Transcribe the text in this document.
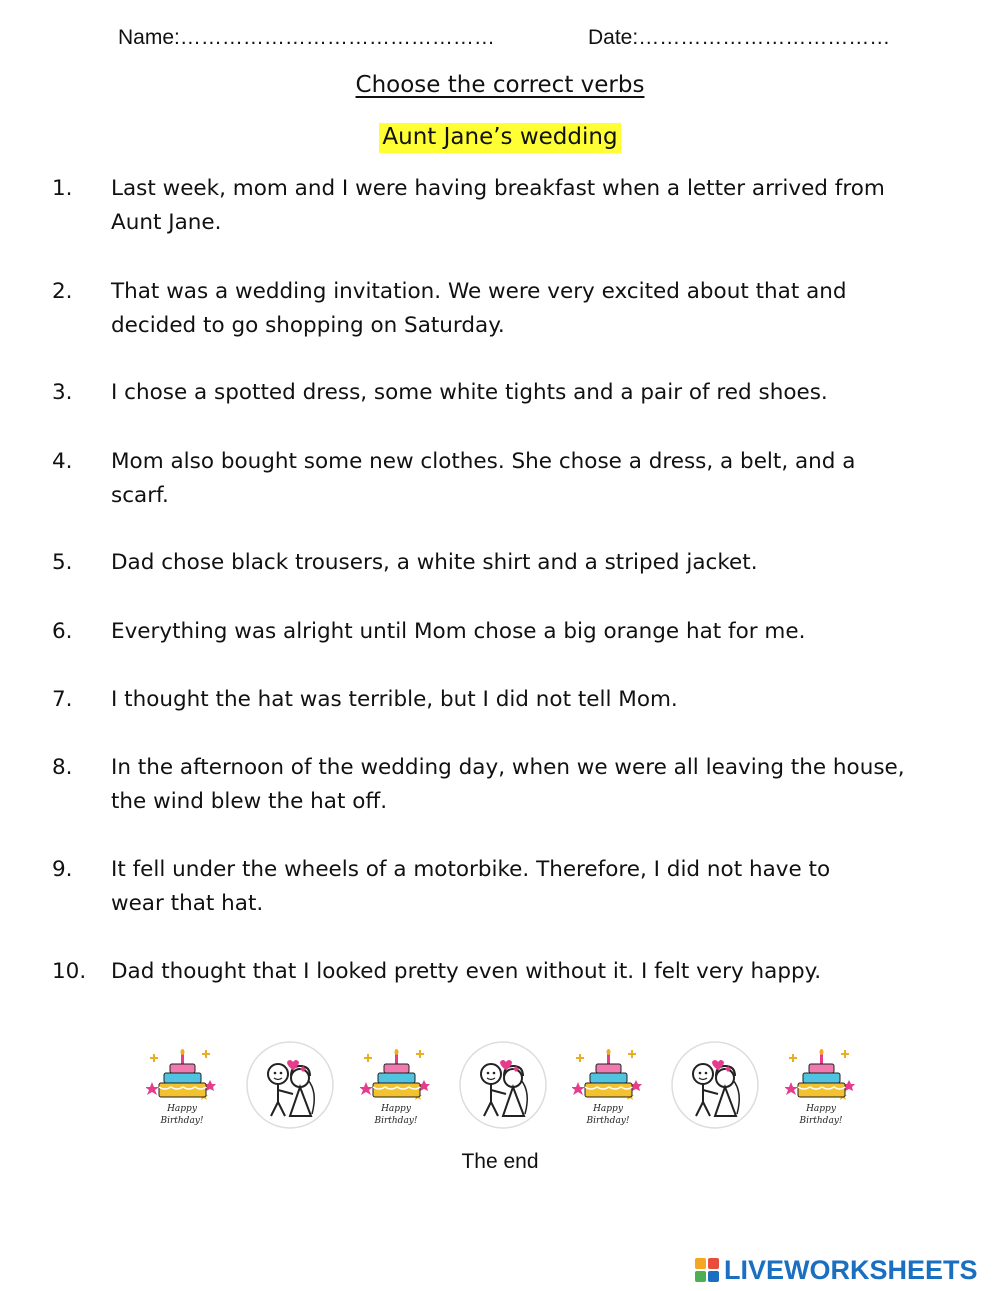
Name:………………………………………	Date:………………………………
Choose the correct verbs
Aunt Jane’s wedding
1. Last week, mom and I were having breakfast when a letter arrived from
Aunt Jane.
2. That was a wedding invitation. We were very excited about that and
decided to go shopping on Saturday.
3. I chose a spotted dress, some white tights and a pair of red shoes.
4. Mom also bought some new clothes. She chose a dress, a belt, and a
scarf.
5. Dad chose black trousers, a white shirt and a striped jacket.
6. Everything was alright until Mom chose a big orange hat for me.
7. I thought the hat was terrible, but I did not tell Mom.
8. In the afternoon of the wedding day, when we were all leaving the house,
the wind blew the hat off.
9. It fell under the wheels of a motorbike. Therefore, I did not have to
wear that hat.
10. Dad thought that I looked pretty even without it. I felt very happy.
Happy
Birthday!
Happy
Birthday!
Happy
Birthday!
Happy
Birthday!
The end
LIVEWORKSHEETS
